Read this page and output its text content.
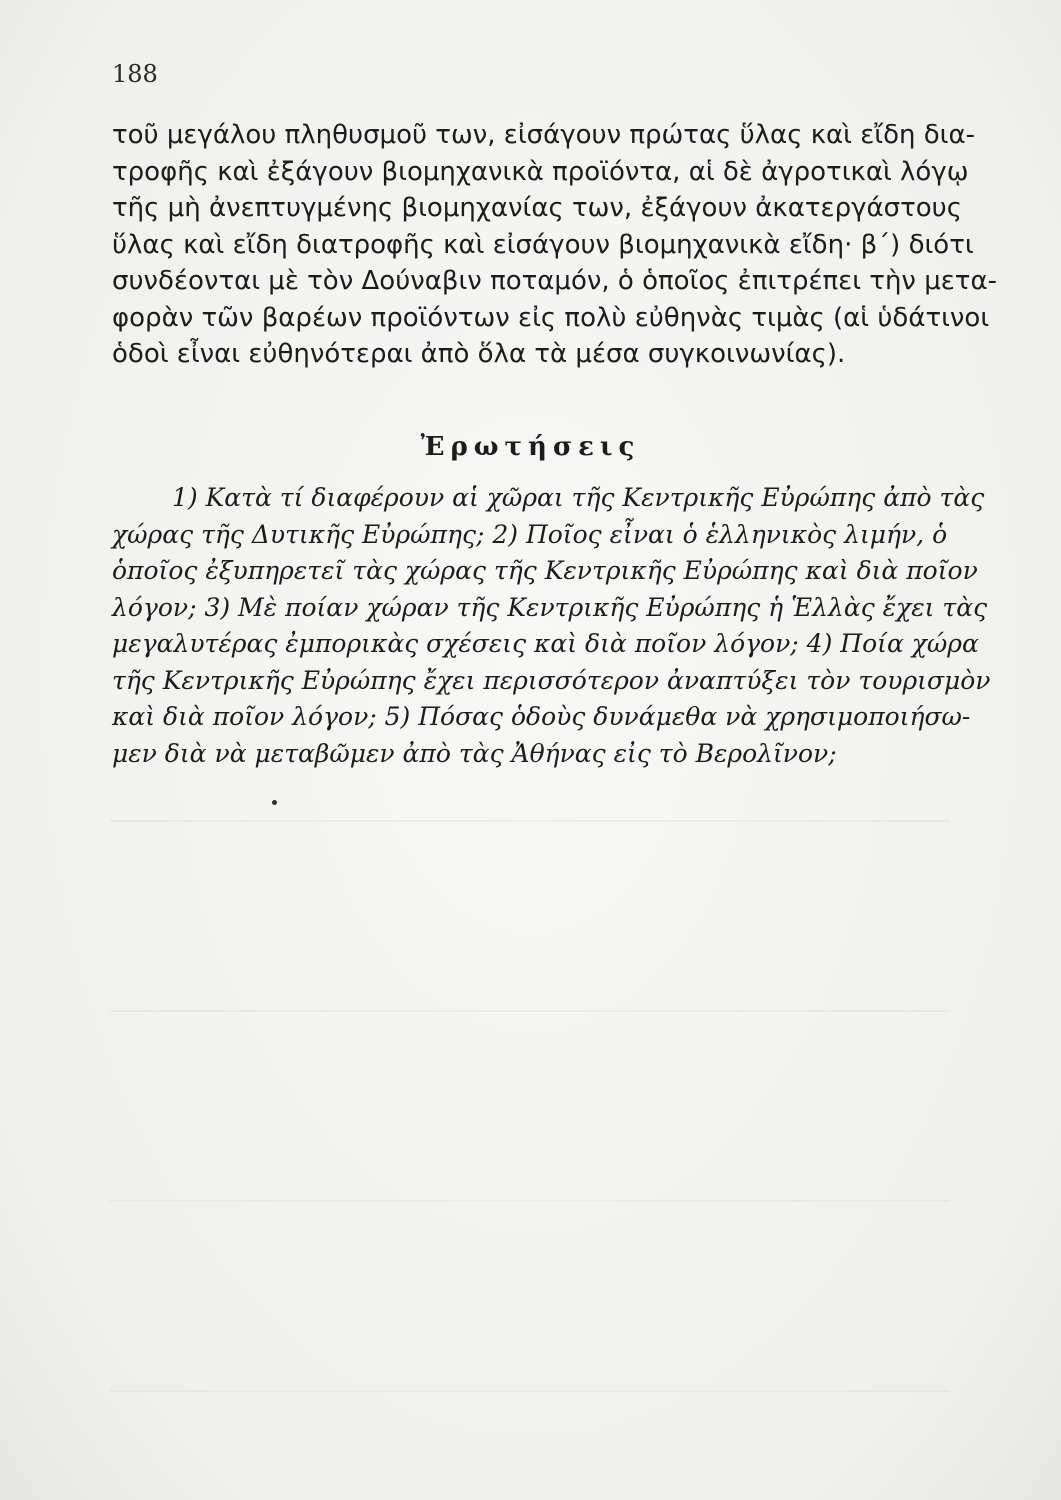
188

τοῦ μεγάλου πληθυσμοῦ των, εἰσάγουν πρώτας ὕλας καὶ εἴδη δια-
τροφῆς καὶ ἐξάγουν βιομηχανικὰ προϊόντα, αἱ δὲ ἀγροτικαὶ λόγῳ
τῆς μὴ ἀνεπτυγμένης βιομηχανίας των, ἐξάγουν ἀκατεργάστους
ὕλας καὶ εἴδη διατροφῆς καὶ εἰσάγουν βιομηχανικὰ εἴδη· β΄) διότι
συνδέονται μὲ τὸν Δούναβιν ποταμόν, ὁ ὁποῖος ἐπιτρέπει τὴν μετα-
φορὰν τῶν βαρέων προϊόντων εἰς πολὺ εὐθηνὰς τιμὰς (αἱ ὑδάτινοι
ὁδοὶ εἶναι εὐθηνότεραι ἀπὸ ὅλα τὰ μέσα συγκοινωνίας).

Ἐρωτήσεις

1) Κατὰ τί διαφέρουν αἱ χῶραι τῆς Κεντρικῆς Εὐρώπης ἀπὸ τὰς
χώρας τῆς Δυτικῆς Εὐρώπης; 2) Ποῖος εἶναι ὁ ἑλληνικὸς λιμήν, ὁ
ὁποῖος ἐξυπηρετεῖ τὰς χώρας τῆς Κεντρικῆς Εὐρώπης καὶ διὰ ποῖον
λόγον; 3) Μὲ ποίαν χώραν τῆς Κεντρικῆς Εὐρώπης ἡ Ἑλλὰς ἔχει τὰς
μεγαλυτέρας ἐμπορικὰς σχέσεις καὶ διὰ ποῖον λόγον; 4) Ποία χώρα
τῆς Κεντρικῆς Εὐρώπης ἔχει περισσότερον ἀναπτύξει τὸν τουρισμὸν
καὶ διὰ ποῖον λόγον; 5) Πόσας ὁδοὺς δυνάμεθα νὰ χρησιμοποιήσω-
μεν διὰ νὰ μεταβῶμεν ἀπὸ τὰς Ἀθήνας εἰς τὸ Βερολῖνον;
